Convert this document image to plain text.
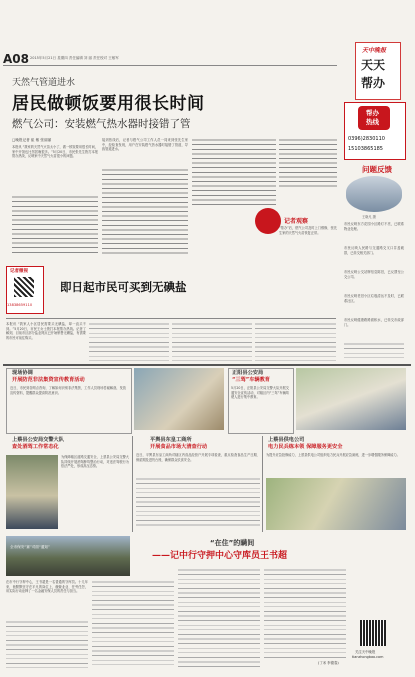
A08 2015年5月21日 星期四 责任编辑 刘 丽 责任校对 王敏军
天中晚报
天天
帮办
天然气管道进水
居民做顿饭要用很长时间
燃气公司：安装燃气热水器时接错了管
□晚报记者 崔 敏 张丽丽
本报讯 “我家的天然气火苗太小了，做一顿饭要用很长时间，家中开饭也比邻居晚很多。”5月20日，市民张先生拨打本报帮办热线，反映家中天然气火苗很小的问题。
接到热线后，记者与燃气公司工作人员一同来到张先生家中，经检查发现，用户在安装燃气热水器时接错了管道，导致管道进水。
记者观察
“帮办”后，燃气公司及时上门维修，张先生家的天然气火苗恢复正常。
记者微视
13838659110
即日起市民可买到无碘盐
本报讯 “我家人小区居民需要买无碘盐，却一直买不到。”5月20日，市民王女士拨打本报帮办热线。记者了解到，目前市区部分盐业网点已开始销售无碘盐，有需要的市民可前往购买。
帮办
热线
0396)2830110
15103865185
问题反馈
王晓凡 摄
市民反映东方花园小区路灯不亮，已联系物业处理。
市民反映人民路与交通路交叉口井盖破损，已转交相关部门。
市民反映公交站牌信息陈旧，已反馈至公交公司。
市民反映老旧小区垃圾清运不及时，已联系社区。
市民反映健康路路面积水，已转交市政部门。
现场协调
开展防范非法集资宣传教育活动
近日，市民到各网点咨询，了解如何识别非法集资，工作人员现场答疑解惑，发放宣传资料，提醒群众提高防范意识。
正阳县公安局
“三驾”车辆教育
5月20日，正阳县公安局交警大队开展交通安全宣传活动，对辖区内“三驾”车辆驾驶人进行集中教育。
上蔡县公安局交警大队
查处酒驾工作常态化
为保障辖区道路交通安全，上蔡县公安局交警大队持续开展酒驾醉驾整治行动，对违法驾驶行为依法严处，形成高压态势。
平舆县东皇工商所
开展食品市场大清查行动
近日，平舆县东皇工商所对辖区内食品经营户开展专项检查，重点检查食品生产日期、保质期及进货台账，确保群众饮食安全。
上蔡县供电公司
电力民兵练本领 保障服务更安全
为提升应急抢修能力，上蔡县供电公司组织电力民兵开展应急演练，进一步增强服务保障能力。
全市保安“赛”对面“通知”	“在住”的瞒间
——记中行守押中心守库员王书超
在市中行守押中心，王书超是一名普通的守库员。十几年来，他默默坚守在平凡的岗位上，兢兢业业、任劳任怨，用实际行动诠释了一名金融安保人员的责任与担当。
(丁米 李德春)
关注天中晚报
tianzhongbao.com
